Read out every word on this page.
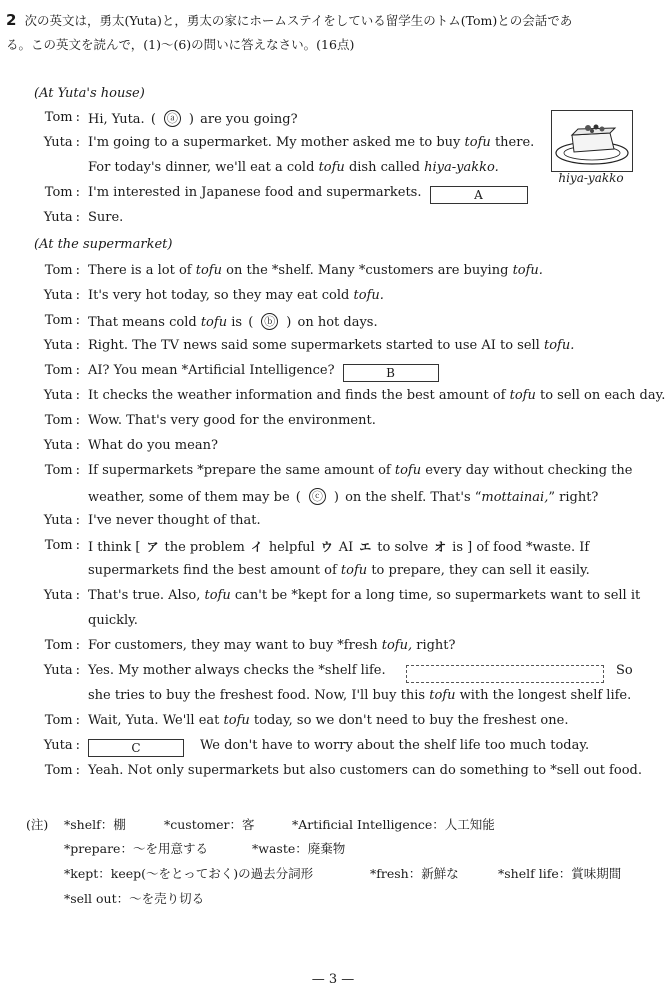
2 次の英文は，勇太(Yuta)と，勇太の家にホームステイをしている留学生のトム(Tom)との会話であ
る。この英文を読んで，(1)〜(6)の問いに答えなさい。(16点)
(At Yuta's house)
Tom :	Hi, Yuta. ( ⓐ ) are you going?
Yuta :	I'm going to a supermarket. My mother asked me to buy tofu there.
For today's dinner, we'll eat a cold tofu dish called hiya-yakko.
hiya-yakko
Tom :	I'm interested in Japanese food and supermarkets.	A
Yuta :	Sure.
(At the supermarket)
Tom :	There is a lot of tofu on the *shelf. Many *customers are buying tofu.
Yuta :	It's very hot today, so they may eat cold tofu.
Tom :	That means cold tofu is ( ⓑ ) on hot days.
Yuta :	Right. The TV news said some supermarkets started to use AI to sell tofu.
Tom :	AI? You mean *Artificial Intelligence?	B
Yuta :	It checks the weather information and finds the best amount of tofu to sell on each day.
Tom :	Wow. That's very good for the environment.
Yuta :	What do you mean?
Tom :	If supermarkets *prepare the same amount of tofu every day without checking the
weather, some of them may be ( ⓒ ) on the shelf. That's “mottainai,” right?
Yuta :	I've never thought of that.
Tom :	I think [ ア the problem イ helpful ウ AI エ to solve オ is ] of food *waste. If
supermarkets find the best amount of tofu to prepare, they can sell it easily.
Yuta :	That's true. Also, tofu can't be *kept for a long time, so supermarkets want to sell it
quickly.
Tom :	For customers, they may want to buy *fresh tofu, right?
Yuta :	Yes. My mother always checks the *shelf life.	So
she tries to buy the freshest food. Now, I'll buy this tofu with the longest shelf life.
Tom :	Wait, Yuta. We'll eat tofu today, so we don't need to buy the freshest one.
Yuta :	C	We don't have to worry about the shelf life too much today.
Tom :	Yeah. Not only supermarkets but also customers can do something to *sell out food.
(注) *shelf：棚	*customer：客	*Artificial Intelligence：人工知能
*prepare：〜を用意する	*waste：廃棄物
*kept：keep(〜をとっておく)の過去分詞形	*fresh：新鮮な	*shelf life：賞味期間
*sell out：〜を売り切る
— 3 —
